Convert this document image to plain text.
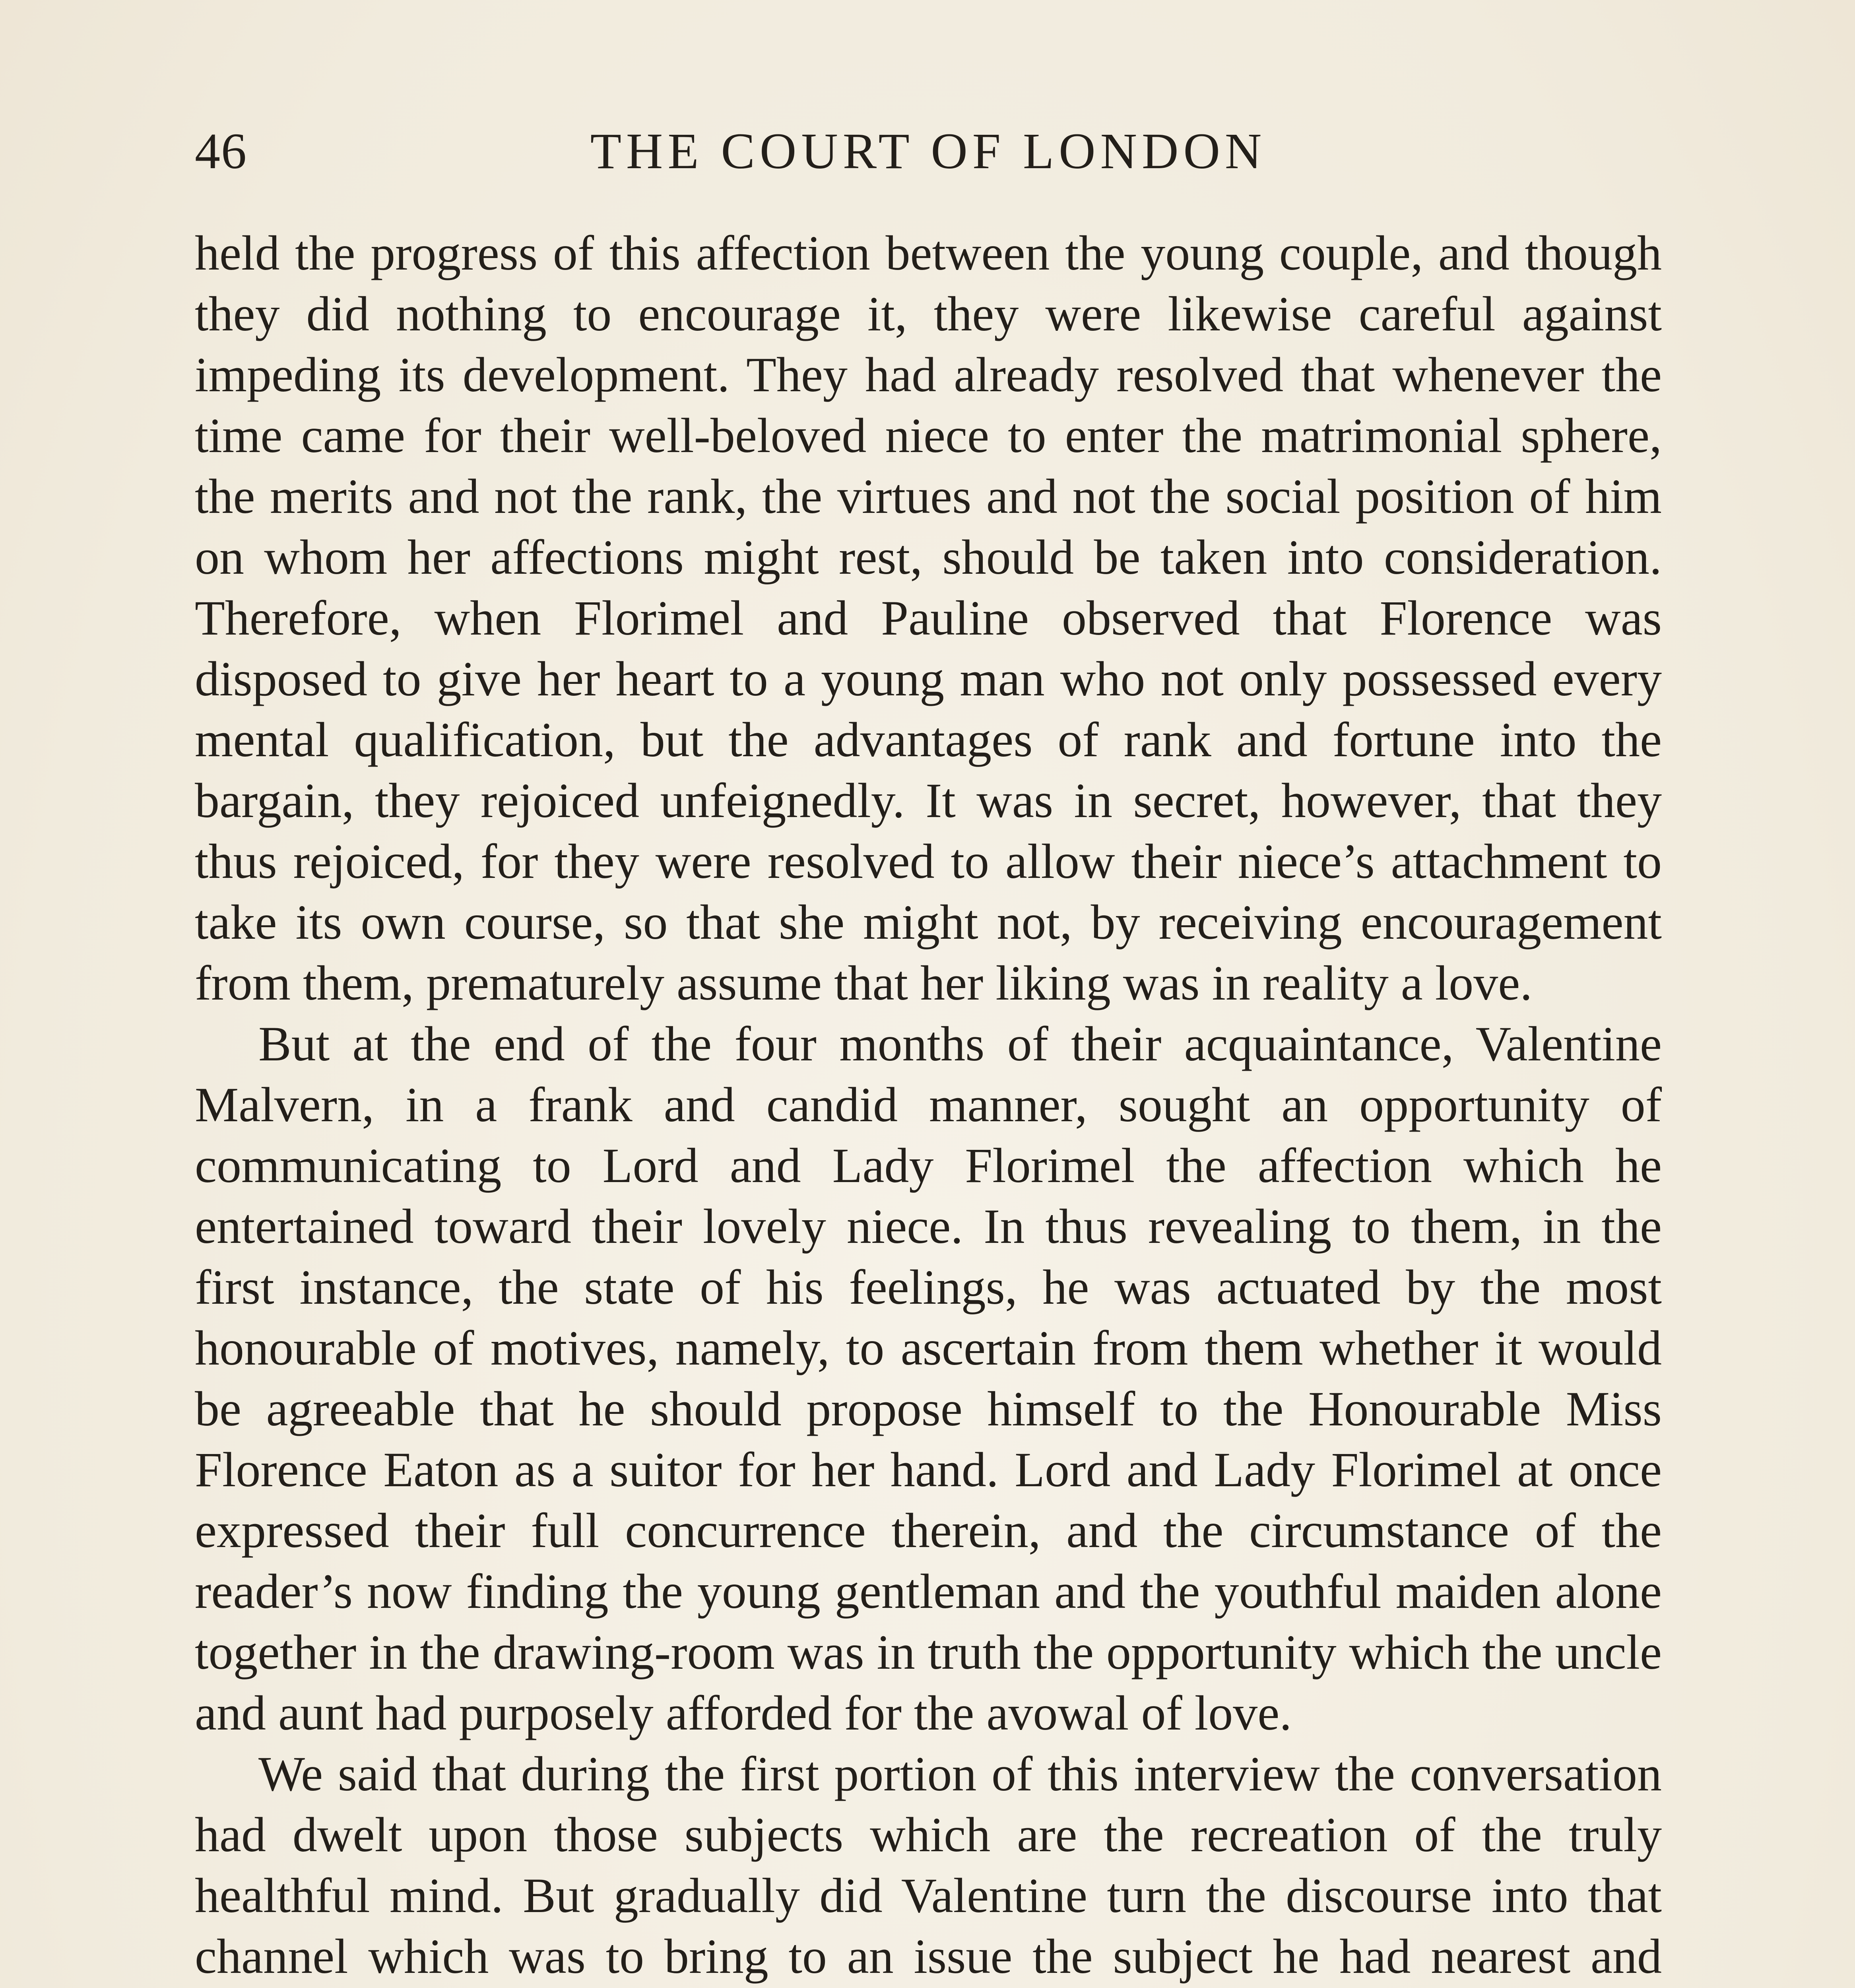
46	THE COURT OF LONDON

held the progress of this affection between the young couple, and though they did nothing to encourage it, they were likewise careful against impeding its development. They had already resolved that whenever the time came for their well-beloved niece to enter the matrimonial sphere, the merits and not the rank, the virtues and not the social position of him on whom her affections might rest, should be taken into consideration. Therefore, when Florimel and Pauline observed that Florence was disposed to give her heart to a young man who not only possessed every mental qualification, but the advantages of rank and fortune into the bargain, they rejoiced unfeignedly. It was in secret, however, that they thus rejoiced, for they were resolved to allow their niece’s attachment to take its own course, so that she might not, by receiving encouragement from them, prematurely assume that her liking was in reality a love.

But at the end of the four months of their acquaintance, Valentine Malvern, in a frank and candid manner, sought an opportunity of communicating to Lord and Lady Florimel the affection which he entertained toward their lovely niece. In thus revealing to them, in the first instance, the state of his feelings, he was actuated by the most honourable of motives, namely, to ascertain from them whether it would be agreeable that he should propose himself to the Honourable Miss Florence Eaton as a suitor for her hand. Lord and Lady Florimel at once expressed their full concurrence therein, and the circumstance of the reader’s now finding the young gentleman and the youthful maiden alone together in the drawing-room was in truth the opportunity which the uncle and aunt had purposely afforded for the avowal of love.

We said that during the first portion of this interview the conversation had dwelt upon those subjects which are the recreation of the truly healthful mind. But gradually did Valentine turn the discourse into that channel which was to bring to an issue the subject he had nearest and
